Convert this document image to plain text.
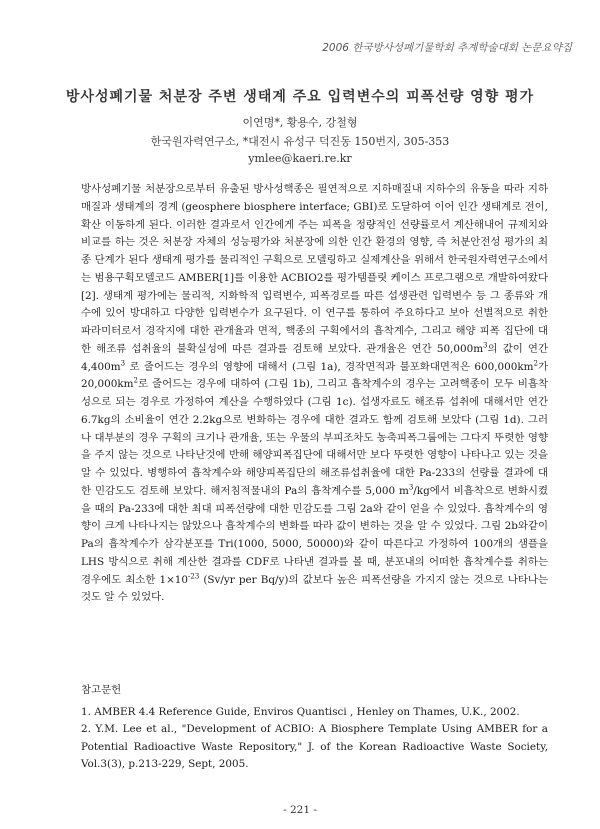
2006 한국방사성폐기물학회 추계학술대회 논문요약집
방사성폐기물 처분장 주변 생태계 주요 입력변수의 피폭선량 영향 평가
이연명*, 황용수, 강철형
한국원자력연구소, *대전시 유성구 덕진동 150번지, 305-353
ymlee@kaeri.re.kr
방사성폐기물 처분장으로부터 유출된 방사성핵종은 필연적으로 지하매질내 지하수의 유동을 따라 지하매질과 생태계의 경계 (geosphere biosphere interface; GBI)로 도달하여 이어 인간 생태계로 전이, 확산 이동하게 된다. 이러한 결과로서 인간에게 주는 피폭을 정량적인 선량률로서 계산해내어 규제치와 비교를 하는 것은 처분장 자체의 성능평가와 처분장에 의한 인간 환경의 영향, 즉 처분안전성 평가의 최종 단계가 된다 생태계 평가를 물리적인 구획으로 모델링하고 실제계산을 위해서 한국원자력연구소에서는 범용구획모델코드 AMBER[1]를 이용한 ACBIO2를 평가템플릿 케이스 프로그램으로 개발하여왔다[2]. 생태계 평가에는 물리적, 지화학적 입력변수, 피폭경로를 따른 섭생관련 입력변수 등 그 종류와 개수에 있어 방대하고 다양한 입력변수가 요구된다. 이 연구를 통하여 주요하다고 보아 선별적으로 취한 파라미터로서 경작지에 대한 관개율과 면적, 핵종의 구획에서의 흡착계수, 그리고 해양 피폭 집단에 대한 해조류 섭취율의 불확실성에 따른 결과를 검토해 보았다. 관개율은 연간 $50,000m^3$의 값이 연간 $4,400m^3$ 로 줄어드는 경우의 영향에 대해서 (그림 1a), 경작면적과 불포화대면적은 $600,000km^2$가 $20,000km^2$로 줄어드는 경우에 대하여 (그림 1b), 그리고 흡착계수의 경우는 고려핵종이 모두 비흡착성으로 되는 경우로 가정하여 계산을 수행하였다 (그림 1c). 섭생자료도 해조류 섭취에 대해서만 연간 6.7kg의 소비율이 연간 2.2kg으로 변화하는 경우에 대한 결과도 함께 검토해 보았다 (그림 1d). 그러나 대부분의 경우 구획의 크기나 관개율, 또는 우물의 부피조차도 농축피폭그룹에는 그다지 뚜렷한 영향을 주지 않는 것으로 나타난것에 반해 해양피폭집단에 대해서만 보다 뚜렷한 영향이 나타나고 있는 것을 알 수 있었다. 병행하여 흡착계수와 해양피폭집단의 해조류섭취율에 대한 Pa-233의 선량률 결과에 대한 민감도도 검토해 보았다. 해저침적물내의 Pa의 흡착계수를 5,000 $m^3/kg$에서 비흡착으로 변화시켰을 때의 Pa-233에 대한 최대 피폭선량에 대한 민감도를 그림 2a와 같이 얻을 수 있었다. 흡착계수의 영향이 크게 나타나지는 않았으나 흡착계수의 변화를 따라 값이 변하는 것을 알 수 있었다. 그림 2b와같이 Pa의 흡착계수가 삼각분포를 Tri(1000, 5000, 50000)와 같이 따른다고 가정하여 100개의 샘플을 LHS 방식으로 취해 계산한 결과를 CDF로 나타낸 결과를 볼 때, 분포내의 어떠한 흡착계수를 취하는 경우에도 최소한 $1\times 10^{-23}$ (Sv/yr per Bq/y)의 값보다 높은 피폭선량을 가지지 않는 것으로 나타나는 것도 알 수 있었다.

참고문헌

1. AMBER 4.4 Reference Guide, Enviros Quantisci , Henley on Thames, U.K., 2002.

2. Y.M. Lee et al., "Development of ACBIO: A Biosphere Template Using AMBER for a Potential Radioactive Waste Repository," J. of the Korean Radioactive Waste Society, Vol.3(3), p.213-229, Sept, 2005.

- 221 -
